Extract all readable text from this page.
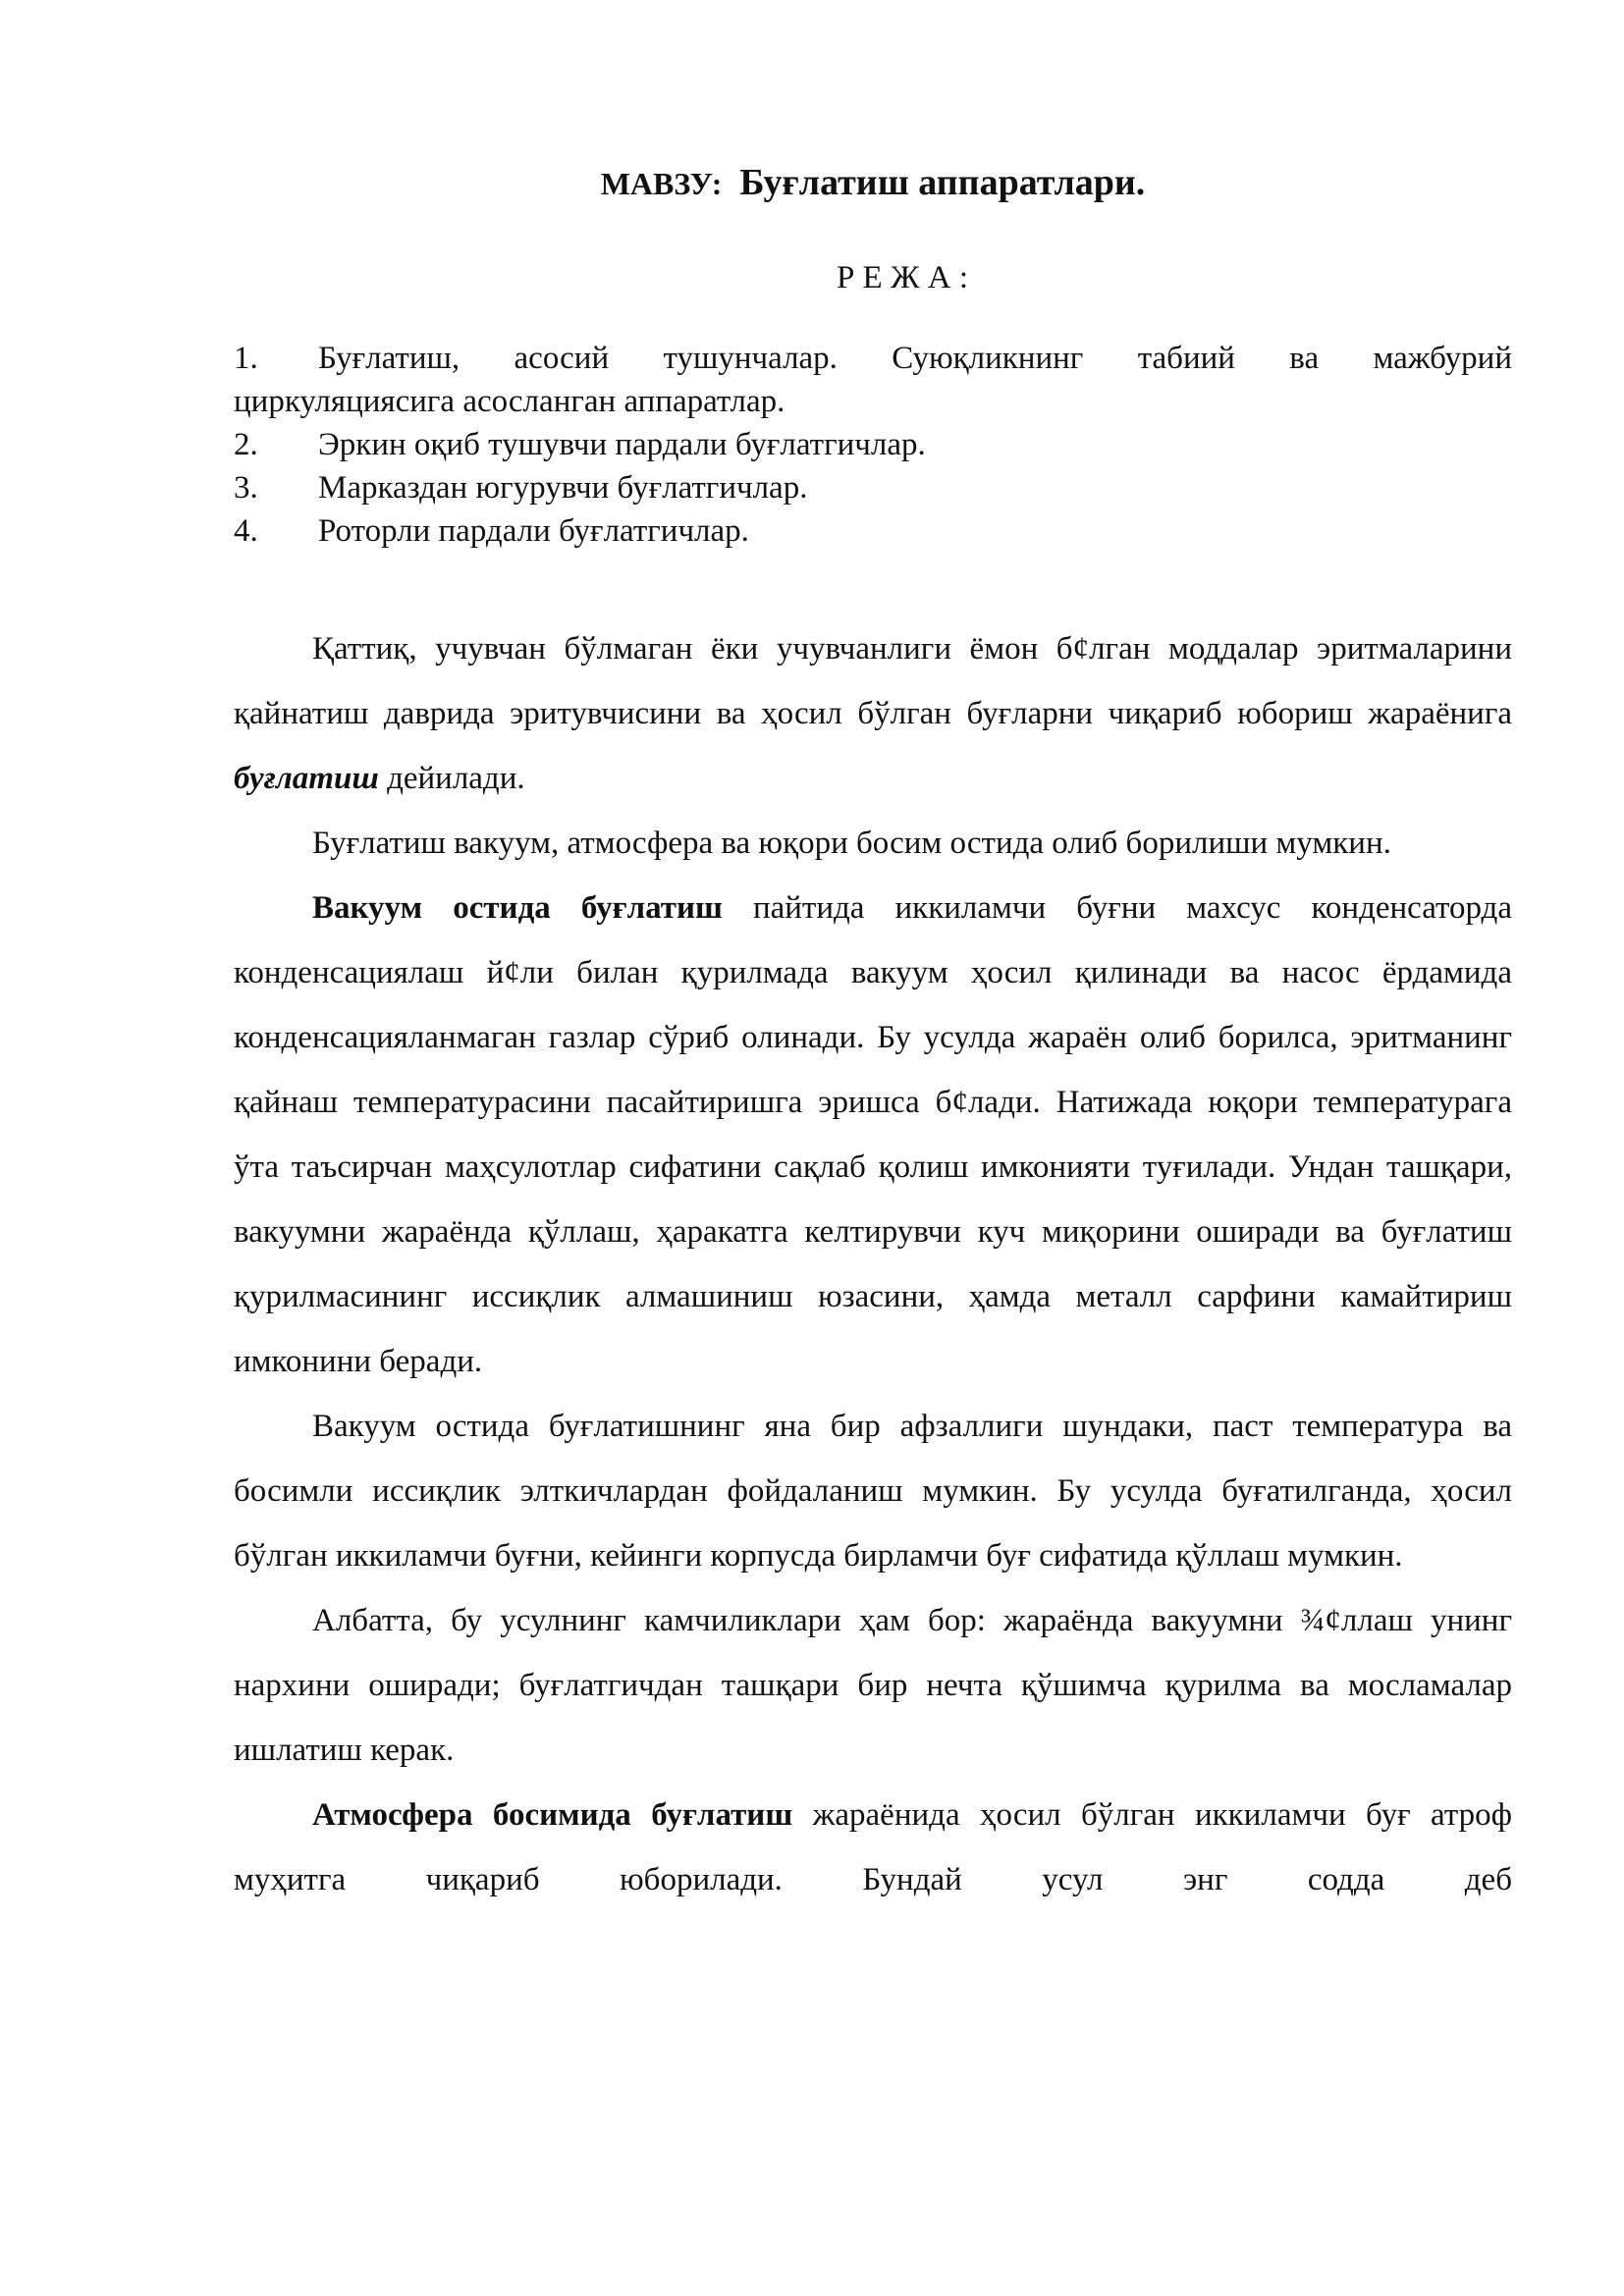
МАВЗУ: Буғлатиш аппаратлари.
Р Е Ж А :
1. Буғлатиш, асосий тушунчалар. Суюқликнинг табиий ва мажбурий
циркуляциясига асосланган аппаратлар.
2. Эркин оқиб тушувчи пардали буғлатгичлар.
3. Марказдан югурувчи буғлатгичлар.
4. Роторли пардали буғлатгичлар.

Қаттиқ, учувчан бўлмаган ёки учувчанлиги ёмон б¢лган моддалар эритмаларини қайнатиш даврида эритувчисини ва ҳосил бўлган буғларни чиқариб юбориш жараёнига буғлатиш дейилади.

Буғлатиш вакуум, атмосфера ва юқори босим остида олиб борилиши мумкин.

Вакуум остида буғлатиш пайтида иккиламчи буғни махсус конденсаторда конденсациялаш й¢ли билан қурилмада вакуум ҳосил қилинади ва насос ёрдамида конденсацияланмаган газлар сўриб олинади. Бу усулда жараён олиб борилса, эритманинг қайнаш температурасини пасайтиришга эришса б¢лади. Натижада юқори температурага ўта таъсирчан маҳсулотлар сифатини сақлаб қолиш имконияти туғилади. Ундан ташқари, вакуумни жараёнда қўллаш, ҳаракатга келтирувчи куч миқорини оширади ва буғлатиш қурилмасининг иссиқлик алмашиниш юзасини, ҳамда металл сарфини камайтириш имконини беради.

Вакуум остида буғлатишнинг яна бир афзаллиги шундаки, паст температура ва босимли иссиқлик элткичлардан фойдаланиш мумкин. Бу усулда буғатилганда, ҳосил бўлган иккиламчи буғни, кейинги корпусда бирламчи буғ сифатида қўллаш мумкин.

Албатта, бу усулнинг камчиликлари ҳам бор: жараёнда вакуумни ¾¢ллаш унинг нархини оширади; буғлатгичдан ташқари бир нечта қўшимча қурилма ва мосламалар ишлатиш керак.

Атмосфера босимида буғлатиш жараёнида ҳосил бўлган иккиламчи буғ атроф муҳитга чиқариб юборилади. Бундай усул энг содда деб
